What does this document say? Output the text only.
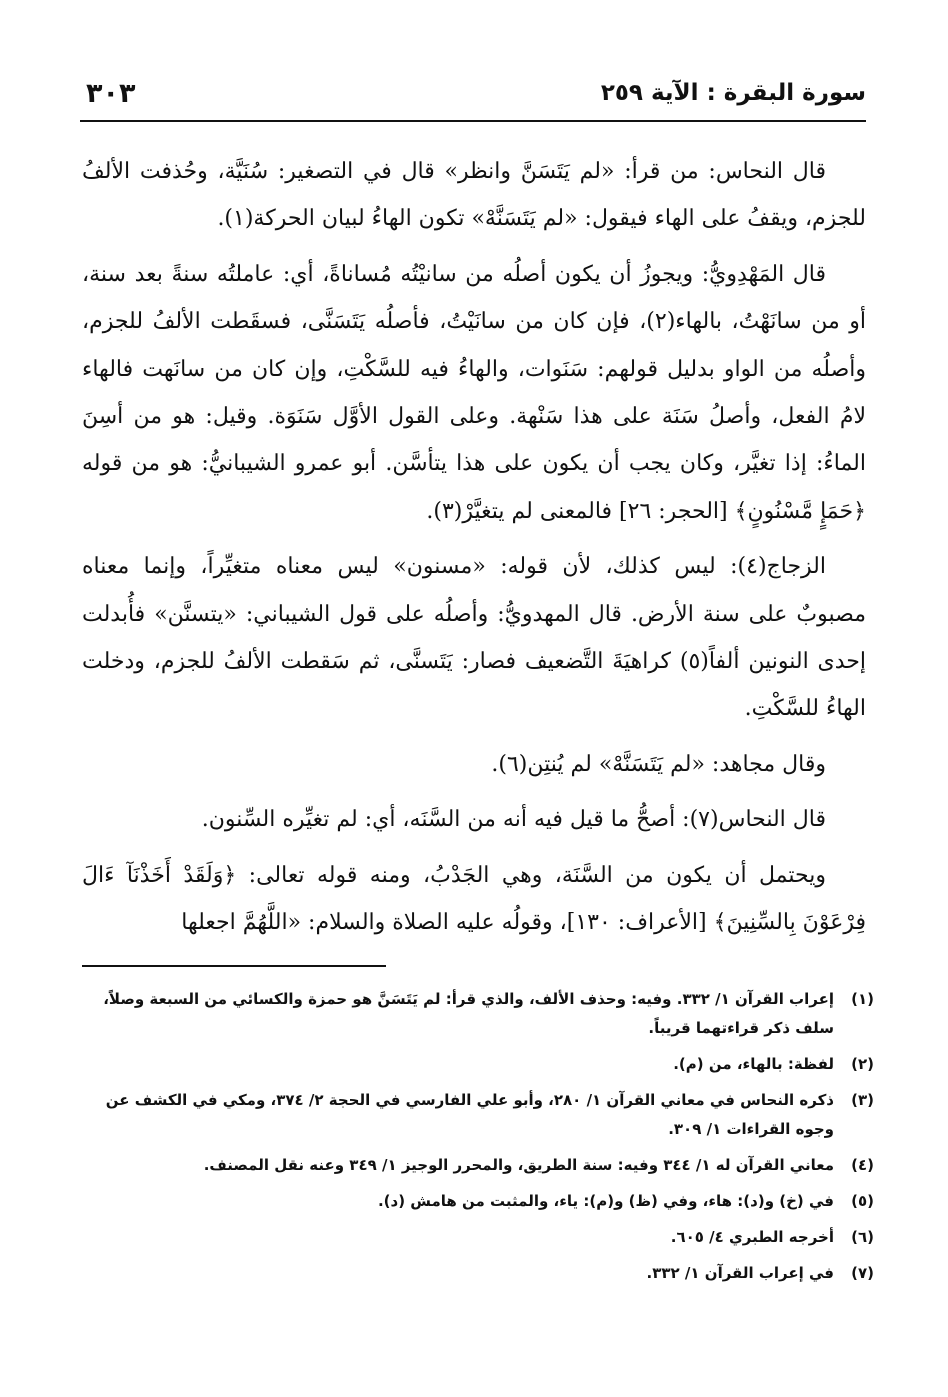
سورة البقرة : الآية ٢٥٩
٣٠٣

قال النحاس: من قرأ: «لم يَتَسَنَّ وانظر» قال في التصغير: سُنَيَّة، وحُذفت الألفُ للجزم، ويقفُ على الهاء فيقول: «لم يَتَسَنَّهْ» تكون الهاءُ لبيان الحركة(١).

قال المَهْدِويُّ: ويجوزُ أن يكون أصلُه من سانيْتُه مُساناةً، أي: عاملتُه سنةً بعد سنة، أو من سانَهْتُ، بالهاء(٢)، فإن كان من سانَيْتُ، فأصلُه يَتَسَنَّى، فسقَطت الألفُ للجزم، وأصلُه من الواو بدليل قولهم: سَنَوات، والهاءُ فيه للسَّكْتِ، وإن كان من سانَهت فالهاء لامُ الفعل، وأصلُ سَنَة على هذا سَنْهة. وعلى القول الأوَّل سَنَوَة. وقيل: هو من أسِنَ الماءُ: إذا تغيَّر، وكان يجب أن يكون على هذا يتأسَّن. أبو عمرو الشيبانيُّ: هو من قوله ﴿حَمَإٍ مَّسْنُونٍ﴾ [الحجر: ٢٦] فالمعنى لم يتغيَّرْ(٣).

الزجاج(٤): ليس كذلك، لأن قوله: «مسنون» ليس معناه متغيِّراً، وإنما معناه مصبوبٌ على سنة الأرض. قال المهدويُّ: وأصلُه على قول الشيباني: «يتسنَّن» فأُبدلت إحدى النونين ألفاً(٥) كراهيَةَ التَّضعيف فصار: يَتَسنَّى، ثم سَقطت الألفُ للجزم، ودخلت الهاءُ للسَّكْتِ.

وقال مجاهد: «لم يَتَسَنَّهْ» لم يُنتِن(٦).

قال النحاس(٧): أصحُّ ما قيل فيه أنه من السَّنَه، أي: لم تغيِّره السِّنون.

ويحتمل أن يكون من السَّنَة، وهي الجَدْبُ، ومنه قوله تعالى: ﴿وَلَقَدْ أَخَذْنَآ ءَالَ فِرْعَوْنَ بِالسِّنِينَ﴾ [الأعراف: ١٣٠]، وقولُه عليه الصلاة والسلام: «اللَّهُمَّ اجعلها

(١)
إعراب القرآن ١/ ٣٣٢. وفيه: وحذف الألف، والذي قرأ: لم يَتَسَنَّ هو حمزة والكسائي من السبعة وصلاً، سلف ذكر قراءتهما قريباً.
(٢)
لفظة: بالهاء، من (م).
(٣)
ذكره النحاس في معاني القرآن ١/ ٢٨٠، وأبو علي الفارسي في الحجة ٢/ ٣٧٤، ومكي في الكشف عن وجوه القراءات ١/ ٣٠٩.
(٤)
معاني القرآن له ١/ ٣٤٤ وفيه: سنة الطريق، والمحرر الوجيز ١/ ٣٤٩ وعنه نقل المصنف.
(٥)
في (خ) و(د): هاء، وفي (ظ) و(م): ياء، والمثبت من هامش (د).
(٦)
أخرجه الطبري ٤/ ٦٠٥.
(٧)
في إعراب القرآن ١/ ٣٣٢.
